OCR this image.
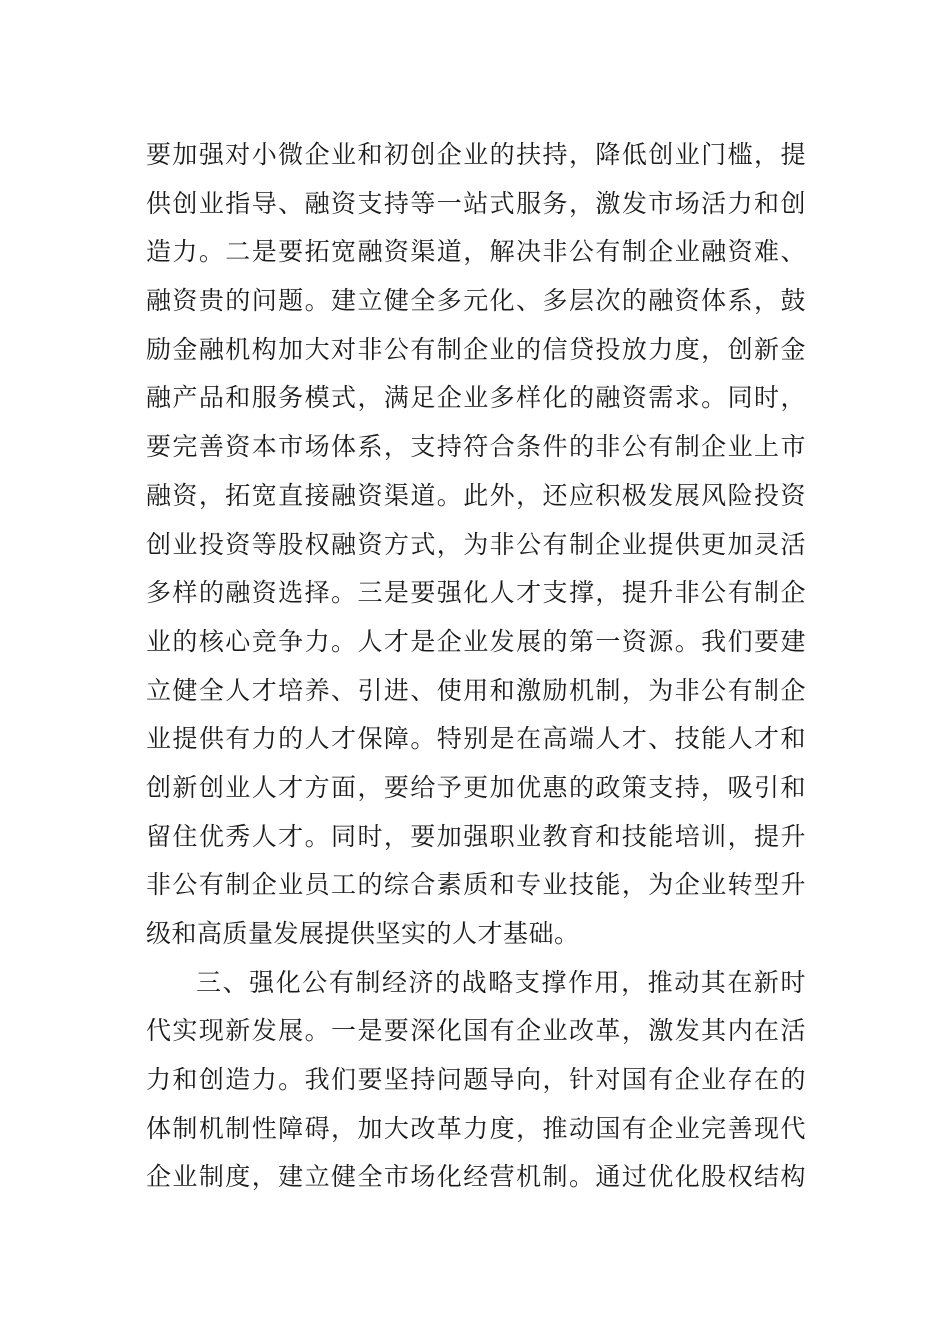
要加强对小微企业和初创企业的扶持，降低创业门槛，提
供创业指导、融资支持等一站式服务，激发市场活力和创
造力。二是要拓宽融资渠道，解决非公有制企业融资难、
融资贵的问题。建立健全多元化、多层次的融资体系，鼓
励金融机构加大对非公有制企业的信贷投放力度，创新金
融产品和服务模式，满足企业多样化的融资需求。同时，
要完善资本市场体系，支持符合条件的非公有制企业上市
融资，拓宽直接融资渠道。此外，还应积极发展风险投资
创业投资等股权融资方式，为非公有制企业提供更加灵活
多样的融资选择。三是要强化人才支撑，提升非公有制企
业的核心竞争力。人才是企业发展的第一资源。我们要建
立健全人才培养、引进、使用和激励机制，为非公有制企
业提供有力的人才保障。特别是在高端人才、技能人才和
创新创业人才方面，要给予更加优惠的政策支持，吸引和
留住优秀人才。同时，要加强职业教育和技能培训，提升
非公有制企业员工的综合素质和专业技能，为企业转型升
级和高质量发展提供坚实的人才基础。
三、强化公有制经济的战略支撑作用，推动其在新时
代实现新发展。一是要深化国有企业改革，激发其内在活
力和创造力。我们要坚持问题导向，针对国有企业存在的
体制机制性障碍，加大改革力度，推动国有企业完善现代
企业制度，建立健全市场化经营机制。通过优化股权结构
